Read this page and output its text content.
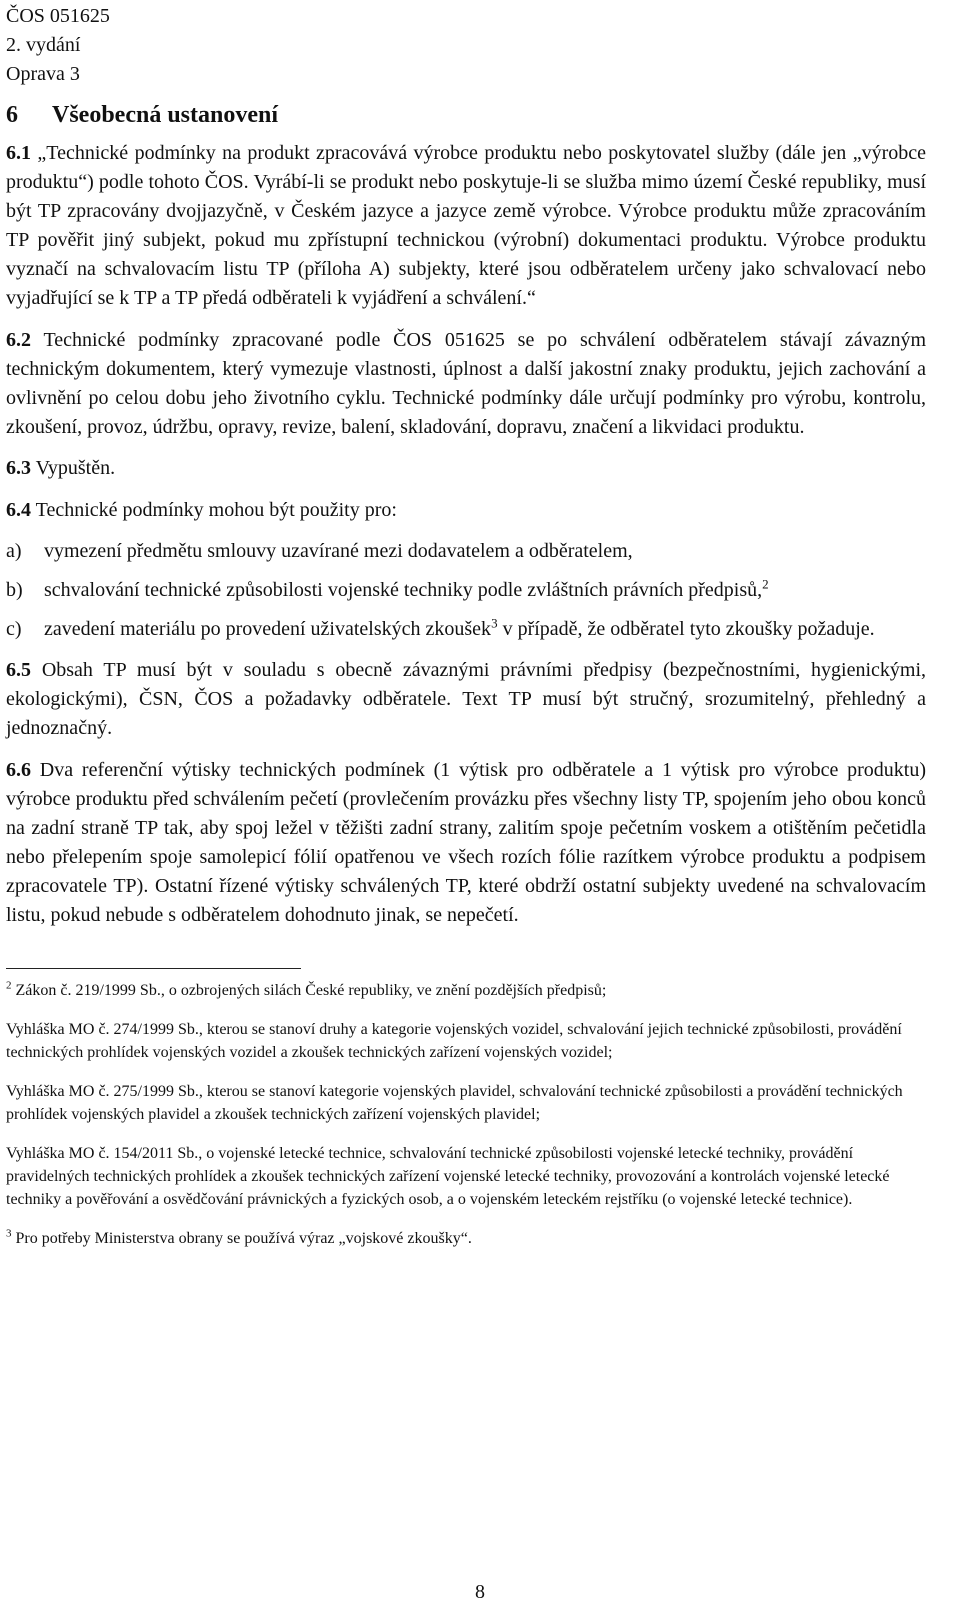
ČOS 051625
2. vydání
Oprava 3
6 Všeobecná ustanovení

6.1 „Technické podmínky na produkt zpracovává výrobce produktu nebo poskytovatel služby (dále jen „výrobce produktu“) podle tohoto ČOS. Vyrábí-li se produkt nebo poskytuje-li se služba mimo území České republiky, musí být TP zpracovány dvojjazyčně, v Českém jazyce a jazyce země výrobce. Výrobce produktu může zpracováním TP pověřit jiný subjekt, pokud mu zpřístupní technickou (výrobní) dokumentaci produktu. Výrobce produktu vyznačí na schvalovacím listu TP (příloha A) subjekty, které jsou odběratelem určeny jako schvalovací nebo vyjadřující se k TP a TP předá odběrateli k vyjádření a schválení.“

6.2 Technické podmínky zpracované podle ČOS 051625 se po schválení odběratelem stávají závazným technickým dokumentem, který vymezuje vlastnosti, úplnost a další jakostní znaky produktu, jejich zachování a ovlivnění po celou dobu jeho životního cyklu. Technické podmínky dále určují podmínky pro výrobu, kontrolu, zkoušení, provoz, údržbu, opravy, revize, balení, skladování, dopravu, značení a likvidaci produktu.

6.3 Vypuštěn.

6.4 Technické podmínky mohou být použity pro:

a)	vymezení předmětu smlouvy uzavírané mezi dodavatelem a odběratelem,
b)	schvalování technické způsobilosti vojenské techniky podle zvláštních právních předpisů,$^2$
c)	zavedení materiálu po provedení uživatelských zkoušek$^3$ v případě, že odběratel tyto zkoušky požaduje.

6.5 Obsah TP musí být v souladu s obecně závaznými právními předpisy (bezpečnostními, hygienickými, ekologickými), ČSN, ČOS a požadavky odběratele. Text TP musí být stručný, srozumitelný, přehledný a jednoznačný.

6.6 Dva referenční výtisky technických podmínek (1 výtisk pro odběratele a 1 výtisk pro výrobce produktu) výrobce produktu před schválením pečetí (provlečením provázku přes všechny listy TP, spojením jeho obou konců na zadní straně TP tak, aby spoj ležel v těžišti zadní strany, zalitím spoje pečetním voskem a otištěním pečetidla nebo přelepením spoje samolepicí fólií opatřenou ve všech rozích fólie razítkem výrobce produktu a podpisem zpracovatele TP). Ostatní řízené výtisky schválených TP, které obdrží ostatní subjekty uvedené na schvalovacím listu, pokud nebude s odběratelem dohodnuto jinak, se nepečetí.

$^2$ Zákon č. 219/1999 Sb., o ozbrojených silách České republiky, ve znění pozdějších předpisů;

Vyhláška MO č. 274/1999 Sb., kterou se stanoví druhy a kategorie vojenských vozidel, schvalování jejich technické způsobilosti, provádění technických prohlídek vojenských vozidel a zkoušek technických zařízení vojenských vozidel;

Vyhláška MO č. 275/1999 Sb., kterou se stanoví kategorie vojenských plavidel, schvalování technické způsobilosti a provádění technických prohlídek vojenských plavidel a zkoušek technických zařízení vojenských plavidel;

Vyhláška MO č. 154/2011 Sb., o vojenské letecké technice, schvalování technické způsobilosti vojenské letecké techniky, provádění pravidelných technických prohlídek a zkoušek technických zařízení vojenské letecké techniky, provozování a kontrolách vojenské letecké techniky a pověřování a osvědčování právnických a fyzických osob, a o vojenském leteckém rejstříku (o vojenské letecké technice).

$^3$ Pro potřeby Ministerstva obrany se používá výraz „vojskové zkoušky“.

8
